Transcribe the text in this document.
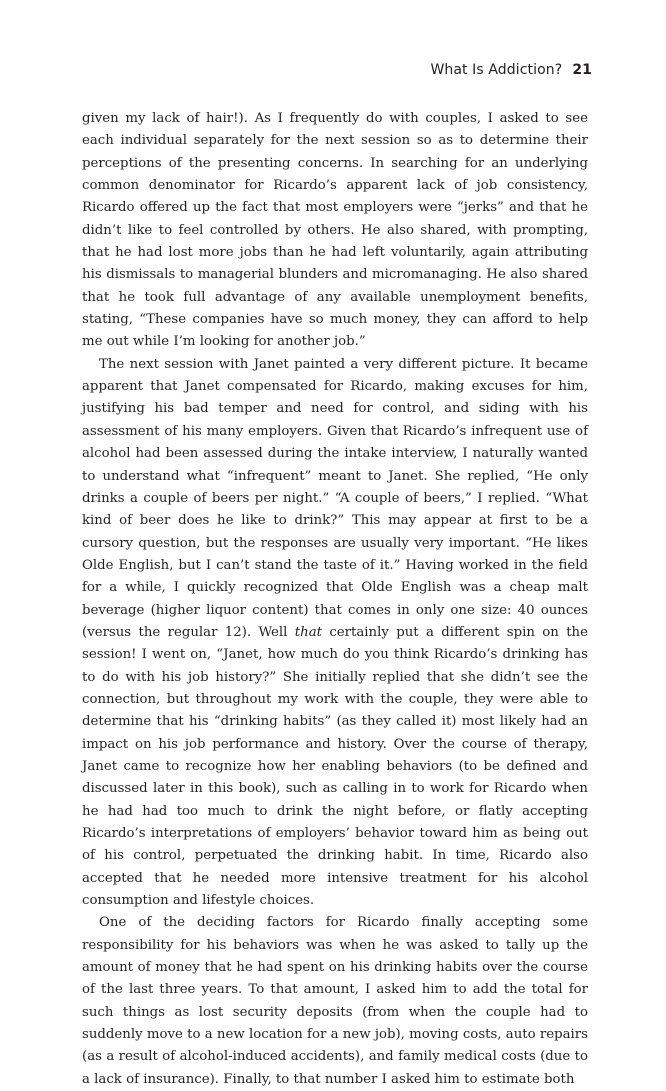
What Is Addiction? 21

given my lack of hair!). As I frequently do with couples, I asked to see each individual separately for the next session so as to determine their perceptions of the presenting concerns. In searching for an underlying common denominator for Ricardo’s apparent lack of job consistency, Ricardo offered up the fact that most employers were “jerks” and that he didn’t like to feel controlled by others. He also shared, with prompting, that he had lost more jobs than he had left voluntarily, again attributing his dismissals to managerial blunders and micromanaging. He also shared that he took full advantage of any available unemployment benefits, stating, “These companies have so much money, they can afford to help me out while I’m looking for another job.”

The next session with Janet painted a very different picture. It became apparent that Janet compensated for Ricardo, making excuses for him, justifying his bad temper and need for control, and siding with his assessment of his many employers. Given that Ricardo’s infrequent use of alcohol had been assessed during the intake interview, I naturally wanted to understand what “infrequent” meant to Janet. She replied, “He only drinks a couple of beers per night.” “A couple of beers,” I replied. “What kind of beer does he like to drink?” This may appear at first to be a cursory question, but the responses are usually very important. “He likes Olde English, but I can’t stand the taste of it.” Having worked in the field for a while, I quickly recognized that Olde English was a cheap malt beverage (higher liquor content) that comes in only one size: 40 ounces (versus the regular 12). Well that certainly put a different spin on the session! I went on, “Janet, how much do you think Ricardo’s drinking has to do with his job history?” She initially replied that she didn’t see the connection, but throughout my work with the couple, they were able to determine that his “drinking habits” (as they called it) most likely had an impact on his job performance and history. Over the course of therapy, Janet came to recognize how her enabling behaviors (to be defined and discussed later in this book), such as calling in to work for Ricardo when he had had too much to drink the night before, or flatly accepting Ricardo’s interpretations of employers’ behavior toward him as being out of his control, perpetuated the drinking habit. In time, Ricardo also accepted that he needed more intensive treatment for his alcohol consumption and lifestyle choices.

One of the deciding factors for Ricardo finally accepting some responsibility for his behaviors was when he was asked to tally up the amount of money that he had spent on his drinking habits over the course of the last three years. To that amount, I asked him to add the total for such things as lost security deposits (from when the couple had to suddenly move to a new location for a new job), moving costs, auto repairs (as a result of alcohol-induced accidents), and family medical costs (due to a lack of insurance). Finally, to that number I asked him to estimate both
